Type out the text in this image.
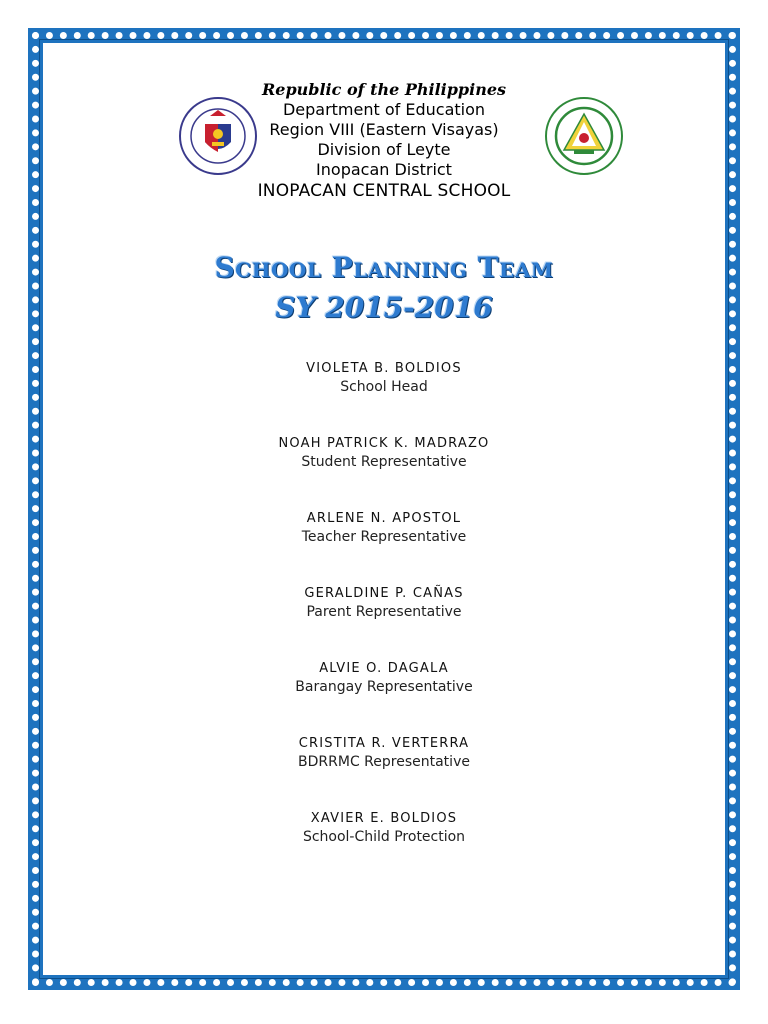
Republic of the Philippines
Department of Education
Region VIII (Eastern Visayas)
Division of Leyte
Inopacan District
INOPACAN CENTRAL SCHOOL
School Planning Team
SY 2015-2016
VIOLETA B. BOLDIOS
School Head
NOAH PATRICK K. MADRAZO
Student Representative
ARLENE N. APOSTOL
Teacher Representative
GERALDINE P. CAÑAS
Parent Representative
ALVIE O. DAGALA
Barangay Representative
CRISTITA R. VERTERRA
BDRRMC Representative
XAVIER E. BOLDIOS
School-Child Protection
